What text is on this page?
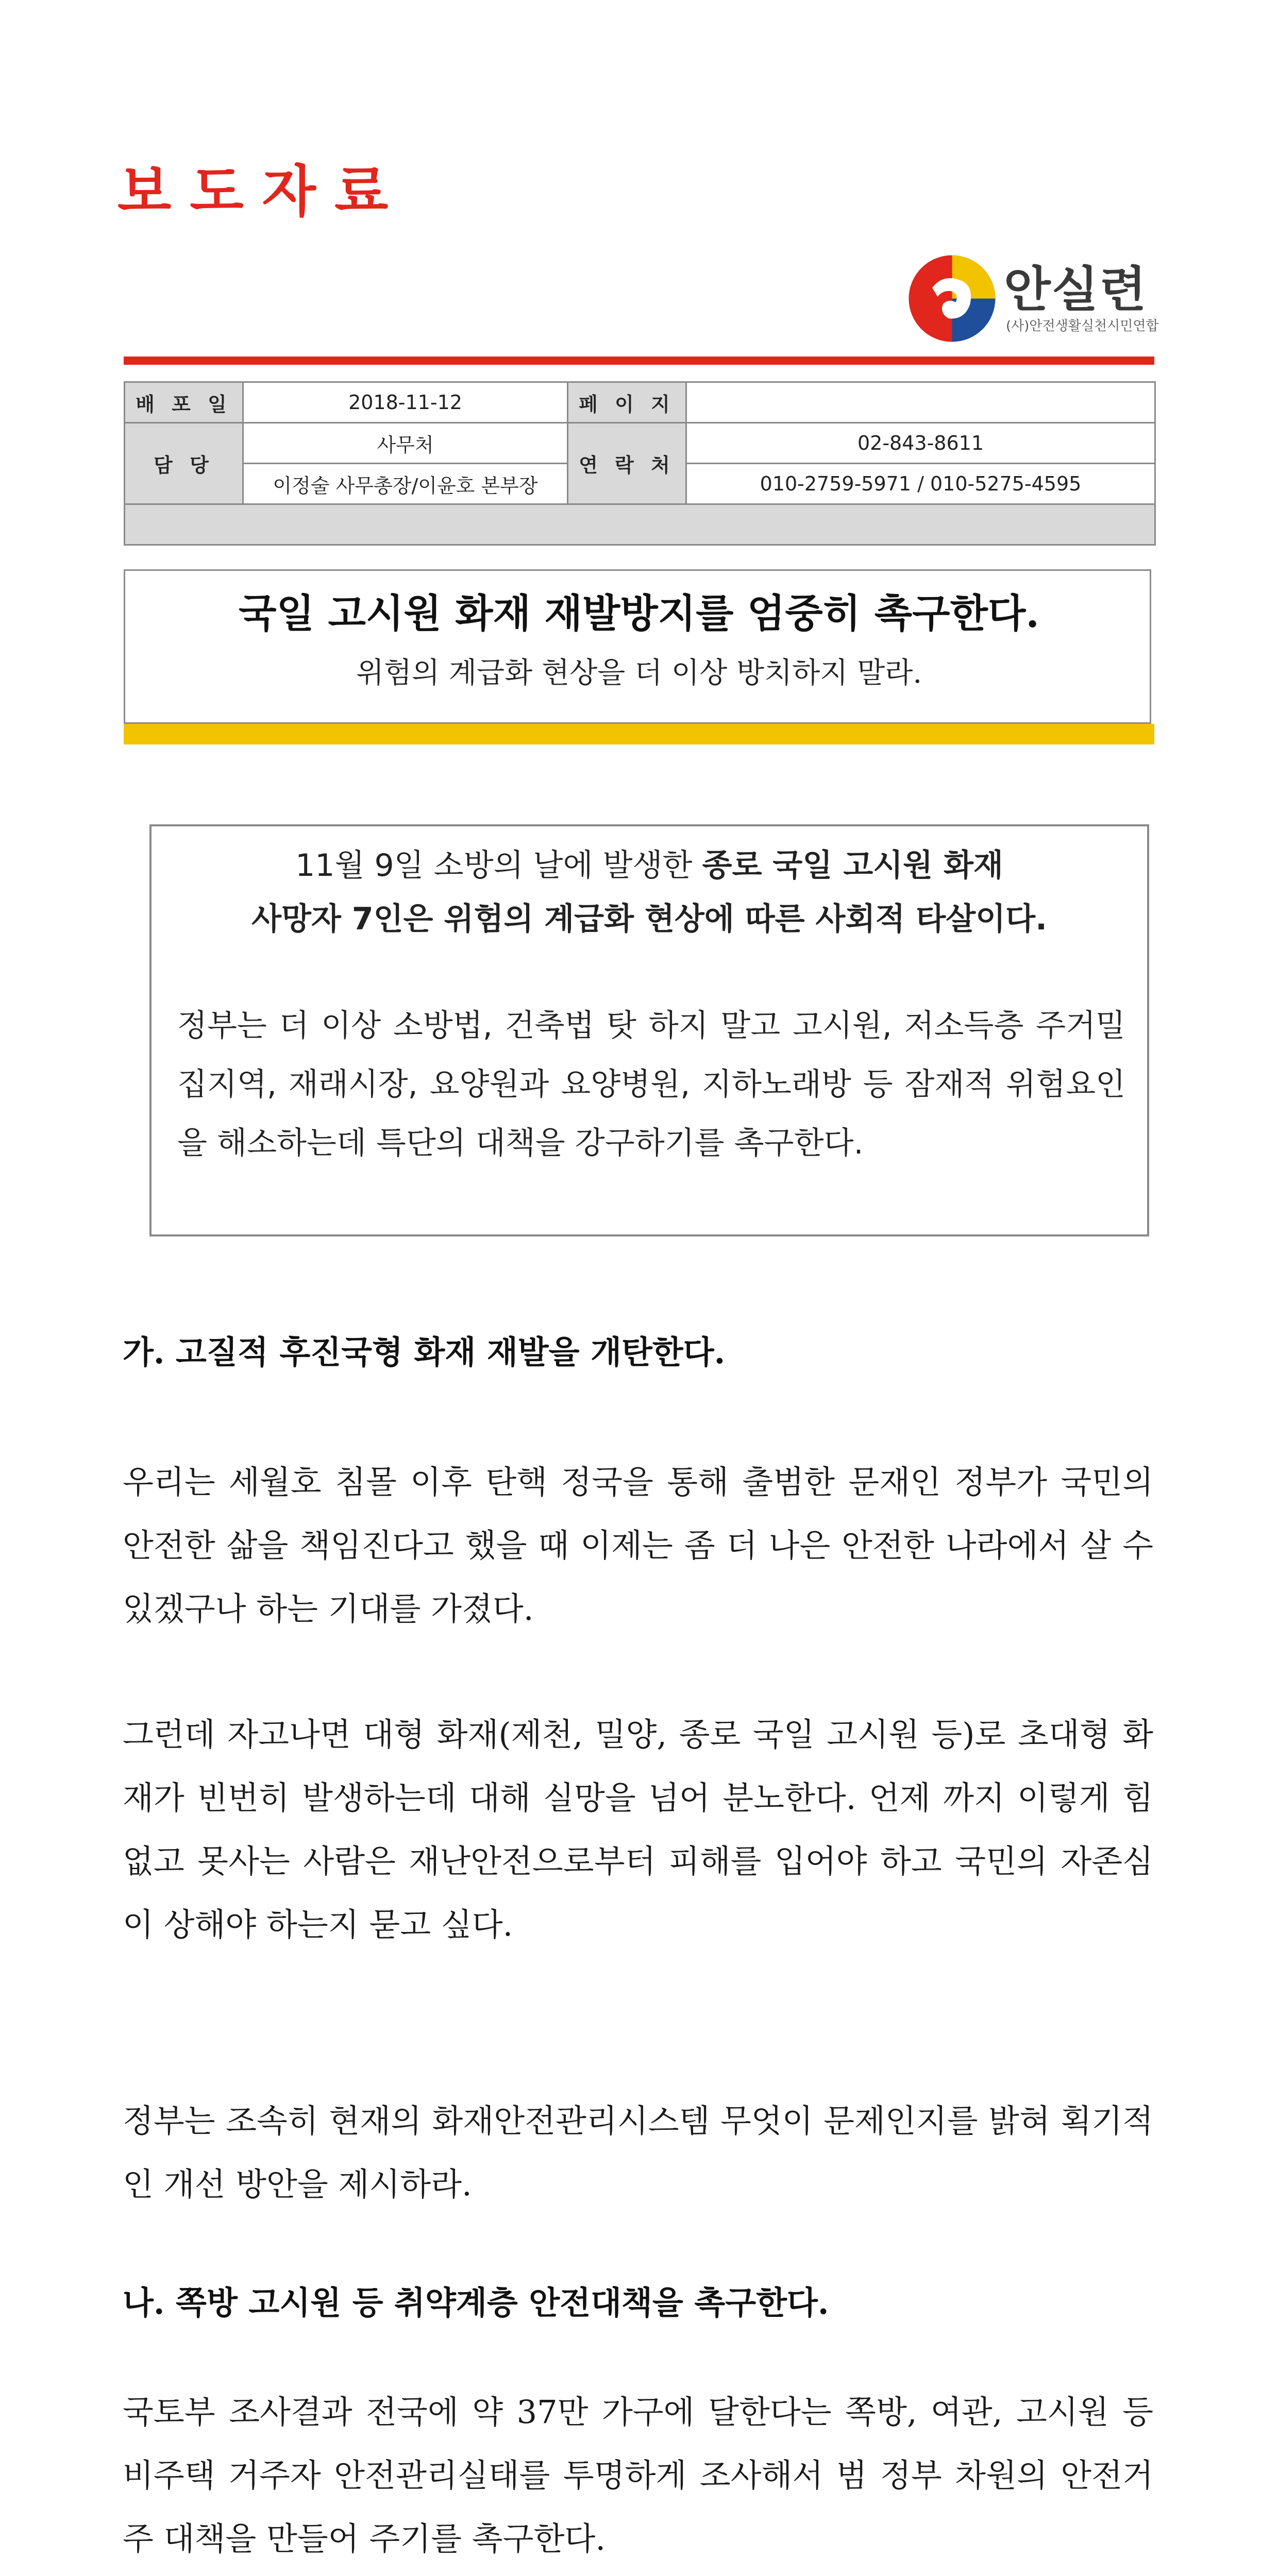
보도자료
안실련
(사)안전생활실천시민연합
배 포 일	2018-11-12	페 이 지	
담 당	사무처	연 락 처	02-843-8611
	이정술 사무총장/이윤호 본부장		010-2759-5971 / 010-5275-4595

국일 고시원 화재 재발방지를 엄중히 촉구한다.
위험의 계급화 현상을 더 이상 방치하지 말라.
11월 9일 소방의 날에 발생한 종로 국일 고시원 화재
사망자 7인은 위험의 계급화 현상에 따른 사회적 타살이다.

정부는 더 이상 소방법, 건축법 탓 하지 말고 고시원, 저소득층 주거밀집지역, 재래시장, 요양원과 요양병원, 지하노래방 등 잠재적 위험요인을 해소하는데 특단의 대책을 강구하기를 촉구한다.

가. 고질적 후진국형 화재 재발을 개탄한다.
우리는 세월호 침몰 이후 탄핵 정국을 통해 출범한 문재인 정부가 국민의 안전한 삶을 책임진다고 했을 때 이제는 좀 더 나은 안전한 나라에서 살 수 있겠구나 하는 기대를 가졌다.
그런데 자고나면 대형 화재(제천, 밀양, 종로 국일 고시원 등)로 초대형 화재가 빈번히 발생하는데 대해 실망을 넘어 분노한다. 언제 까지 이렇게 힘없고 못사는 사람은 재난안전으로부터 피해를 입어야 하고 국민의 자존심이 상해야 하는지 묻고 싶다.
정부는 조속히 현재의 화재안전관리시스템 무엇이 문제인지를 밝혀 획기적인 개선 방안을 제시하라.
나. 쪽방 고시원 등 취약계층 안전대책을 촉구한다.
국토부 조사결과 전국에 약 37만 가구에 달한다는 쪽방, 여관, 고시원 등 비주택 거주자 안전관리실태를 투명하게 조사해서 범 정부 차원의 안전거주 대책을 만들어 주기를 촉구한다.
